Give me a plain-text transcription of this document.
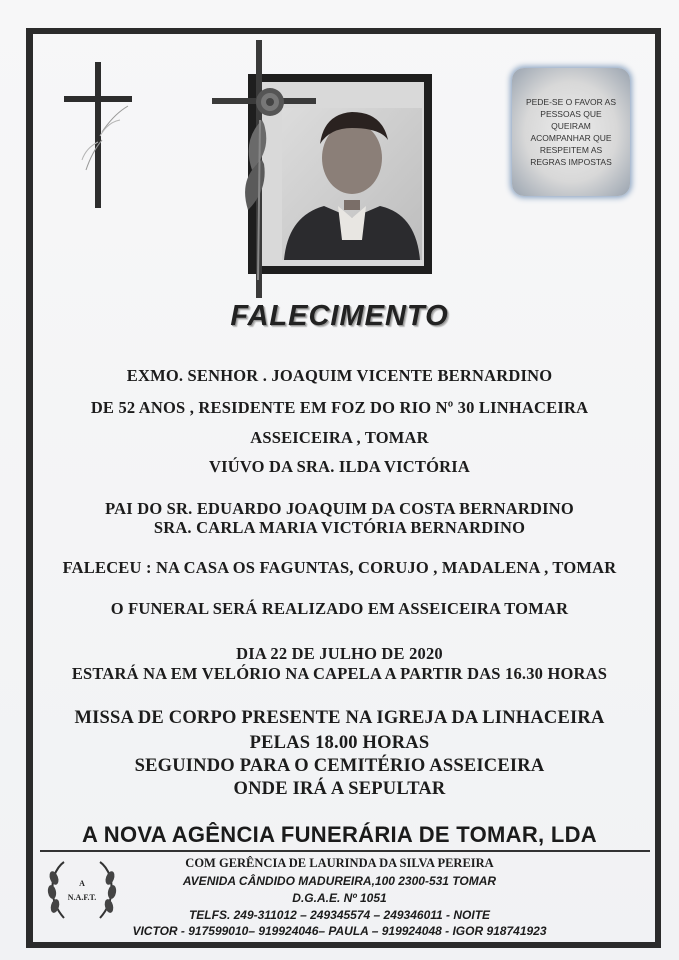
PEDE-SE O FAVOR AS PESSOAS QUE QUEIRAM ACOMPANHAR QUE RESPEITEM AS REGRAS IMPOSTAS
FALECIMENTO
EXMO. SENHOR . JOAQUIM VICENTE BERNARDINO
DE 52 ANOS , RESIDENTE EM FOZ DO RIO Nº 30 LINHACEIRA
ASSEICEIRA , TOMAR
VIÚVO DA SRA. ILDA VICTÓRIA
PAI DO SR. EDUARDO JOAQUIM DA COSTA BERNARDINO
SRA. CARLA MARIA VICTÓRIA BERNARDINO
FALECEU : NA CASA OS FAGUNTAS, CORUJO , MADALENA , TOMAR
O FUNERAL SERÁ REALIZADO EM ASSEICEIRA TOMAR
DIA 22 DE JULHO DE 2020
ESTARÁ NA EM VELÓRIO NA CAPELA A PARTIR DAS 16.30 HORAS
MISSA DE CORPO PRESENTE NA IGREJA DA LINHACEIRA
PELAS 18.00 HORAS
SEGUINDO PARA O CEMITÉRIO ASSEICEIRA
ONDE IRÁ A SEPULTAR
A NOVA AGÊNCIA FUNERÁRIA DE TOMAR, LDA
A
N.A.F.T.
COM GERÊNCIA DE LAURINDA DA SILVA PEREIRA
AVENIDA CÂNDIDO MADUREIRA,100 2300-531 TOMAR
D.G.A.E. Nº 1051
TELFS. 249-311012 – 249345574 – 249346011 - NOITE
VICTOR - 917599010– 919924046– PAULA – 919924048 - IGOR 918741923
